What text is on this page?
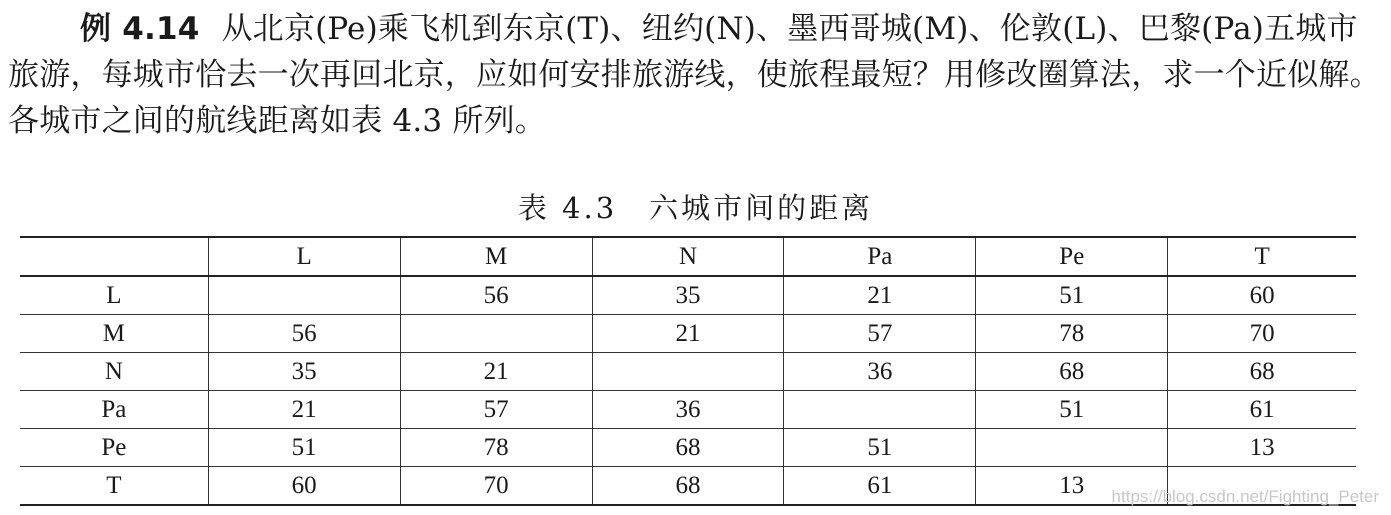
例 4.14 从北京(Pe)乘飞机到东京(T)、纽约(N)、墨西哥城(M)、伦敦(L)、巴黎(Pa)五城市旅游，每城市恰去一次再回北京，应如何安排旅游线，使旅程最短？用修改圈算法，求一个近似解。各城市之间的航线距离如表 4.3 所列。
表 4.3　六城市间的距离
	L	M	N	Pa	Pe	T
L		56	35	21	51	60
M	56		21	57	78	70
N	35	21		36	68	68
Pa	21	57	36		51	61
Pe	51	78	68	51		13
T	60	70	68	61	13	https://blog.csdn.net/Fighting_Peter
